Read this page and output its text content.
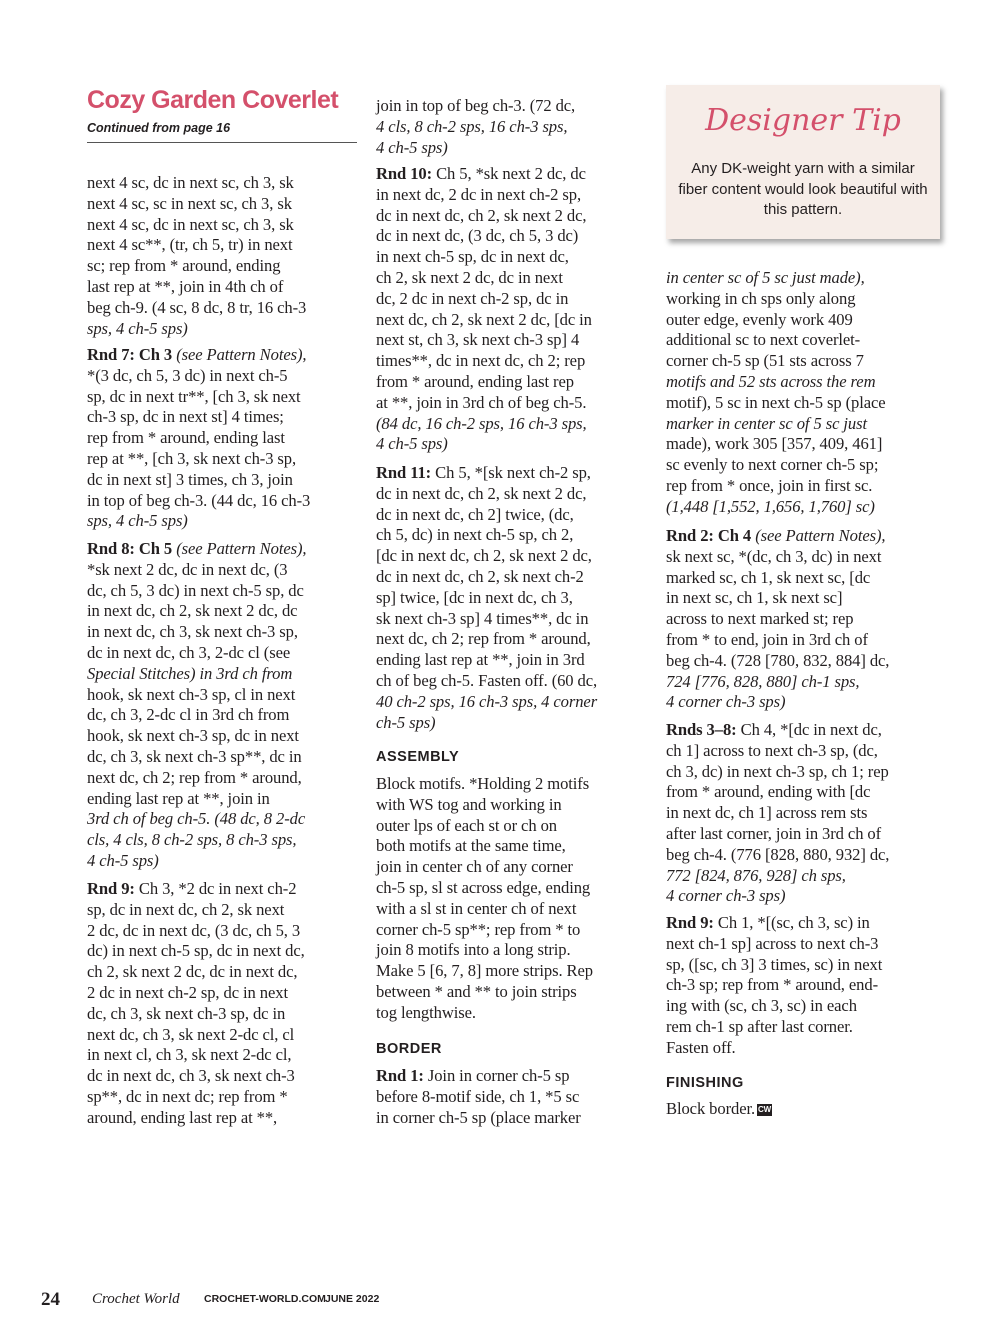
Cozy Garden Coverlet

Continued from page 16

next 4 sc, dc in next sc, ch 3, sk
next 4 sc, sc in next sc, ch 3, sk
next 4 sc, dc in next sc, ch 3, sk
next 4 sc**, (tr, ch 5, tr) in next
sc; rep from * around, ending
last rep at **, join in 4th ch of
beg ch-9. (4 sc, 8 dc, 8 tr, 16 ch-3
sps, 4 ch-5 sps)

Rnd 7: Ch 3 (see Pattern Notes),
*(3 dc, ch 5, 3 dc) in next ch-5
sp, dc in next tr**, [ch 3, sk next
ch-3 sp, dc in next st] 4 times;
rep from * around, ending last
rep at **, [ch 3, sk next ch-3 sp,
dc in next st] 3 times, ch 3, join
in top of beg ch-3. (44 dc, 16 ch-3
sps, 4 ch-5 sps)

Rnd 8: Ch 5 (see Pattern Notes),
*sk next 2 dc, dc in next dc, (3
dc, ch 5, 3 dc) in next ch-5 sp, dc
in next dc, ch 2, sk next 2 dc, dc
in next dc, ch 3, sk next ch-3 sp,
dc in next dc, ch 3, 2-dc cl (see
Special Stitches) in 3rd ch from
hook, sk next ch-3 sp, cl in next
dc, ch 3, 2-dc cl in 3rd ch from
hook, sk next ch-3 sp, dc in next
dc, ch 3, sk next ch-3 sp**, dc in
next dc, ch 2; rep from * around,
ending last rep at **, join in
3rd ch of beg ch-5. (48 dc, 8 2-dc
cls, 4 cls, 8 ch-2 sps, 8 ch-3 sps,
4 ch-5 sps)

Rnd 9: Ch 3, *2 dc in next ch-2
sp, dc in next dc, ch 2, sk next
2 dc, dc in next dc, (3 dc, ch 5, 3
dc) in next ch-5 sp, dc in next dc,
ch 2, sk next 2 dc, dc in next dc,
2 dc in next ch-2 sp, dc in next
dc, ch 3, sk next ch-3 sp, dc in
next dc, ch 3, sk next 2-dc cl, cl
in next cl, ch 3, sk next 2-dc cl,
dc in next dc, ch 3, sk next ch-3
sp**, dc in next dc; rep from *
around, ending last rep at **,

join in top of beg ch-3. (72 dc,
4 cls, 8 ch-2 sps, 16 ch-3 sps,
4 ch-5 sps)

Rnd 10: Ch 5, *sk next 2 dc, dc
in next dc, 2 dc in next ch-2 sp,
dc in next dc, ch 2, sk next 2 dc,
dc in next dc, (3 dc, ch 5, 3 dc)
in next ch-5 sp, dc in next dc,
ch 2, sk next 2 dc, dc in next
dc, 2 dc in next ch-2 sp, dc in
next dc, ch 2, sk next 2 dc, [dc in
next st, ch 3, sk next ch-3 sp] 4
times**, dc in next dc, ch 2; rep
from * around, ending last rep
at **, join in 3rd ch of beg ch-5.
(84 dc, 16 ch-2 sps, 16 ch-3 sps,
4 ch-5 sps)

Rnd 11: Ch 5, *[sk next ch-2 sp,
dc in next dc, ch 2, sk next 2 dc,
dc in next dc, ch 2] twice, (dc,
ch 5, dc) in next ch-5 sp, ch 2,
[dc in next dc, ch 2, sk next 2 dc,
dc in next dc, ch 2, sk next ch-2
sp] twice, [dc in next dc, ch 3,
sk next ch-3 sp] 4 times**, dc in
next dc, ch 2; rep from * around,
ending last rep at **, join in 3rd
ch of beg ch-5. Fasten off. (60 dc,
40 ch-2 sps, 16 ch-3 sps, 4 corner
ch-5 sps)

ASSEMBLY

Block motifs. *Holding 2 motifs
with WS tog and working in
outer lps of each st or ch on
both motifs at the same time,
join in center ch of any corner
ch-5 sp, sl st across edge, ending
with a sl st in center ch of next
corner ch-5 sp**; rep from * to
join 8 motifs into a long strip.
Make 5 [6, 7, 8] more strips. Rep
between * and ** to join strips
tog lengthwise.

BORDER

Rnd 1: Join in corner ch-5 sp
before 8-motif side, ch 1, *5 sc
in corner ch-5 sp (place marker

Designer Tip
Any DK-weight yarn with a similar fiber content would look beautiful with this pattern.

in center sc of 5 sc just made),
working in ch sps only along
outer edge, evenly work 409
additional sc to next coverlet-
corner ch-5 sp (51 sts across 7
motifs and 52 sts across the rem
motif), 5 sc in next ch-5 sp (place
marker in center sc of 5 sc just
made), work 305 [357, 409, 461]
sc evenly to next corner ch-5 sp;
rep from * once, join in first sc.
(1,448 [1,552, 1,656, 1,760] sc)

Rnd 2: Ch 4 (see Pattern Notes),
sk next sc, *(dc, ch 3, dc) in next
marked sc, ch 1, sk next sc, [dc
in next sc, ch 1, sk next sc]
across to next marked st; rep
from * to end, join in 3rd ch of
beg ch-4. (728 [780, 832, 884] dc,
724 [776, 828, 880] ch-1 sps,
4 corner ch-3 sps)

Rnds 3–8: Ch 4, *[dc in next dc,
ch 1] across to next ch-3 sp, (dc,
ch 3, dc) in next ch-3 sp, ch 1; rep
from * around, ending with [dc
in next dc, ch 1] across rem sts
after last corner, join in 3rd ch of
beg ch-4. (776 [828, 880, 932] dc,
772 [824, 876, 928] ch sps,
4 corner ch-3 sps)

Rnd 9: Ch 1, *[(sc, ch 3, sc) in
next ch-1 sp] across to next ch-3
sp, ([sc, ch 3] 3 times, sc) in next
ch-3 sp; rep from * around, end-
ing with (sc, ch 3, sc) in each
rem ch-1 sp after last corner.
Fasten off.

FINISHING

Block border. CW

24 Crochet World CROCHET-WORLD.COM JUNE 2022
